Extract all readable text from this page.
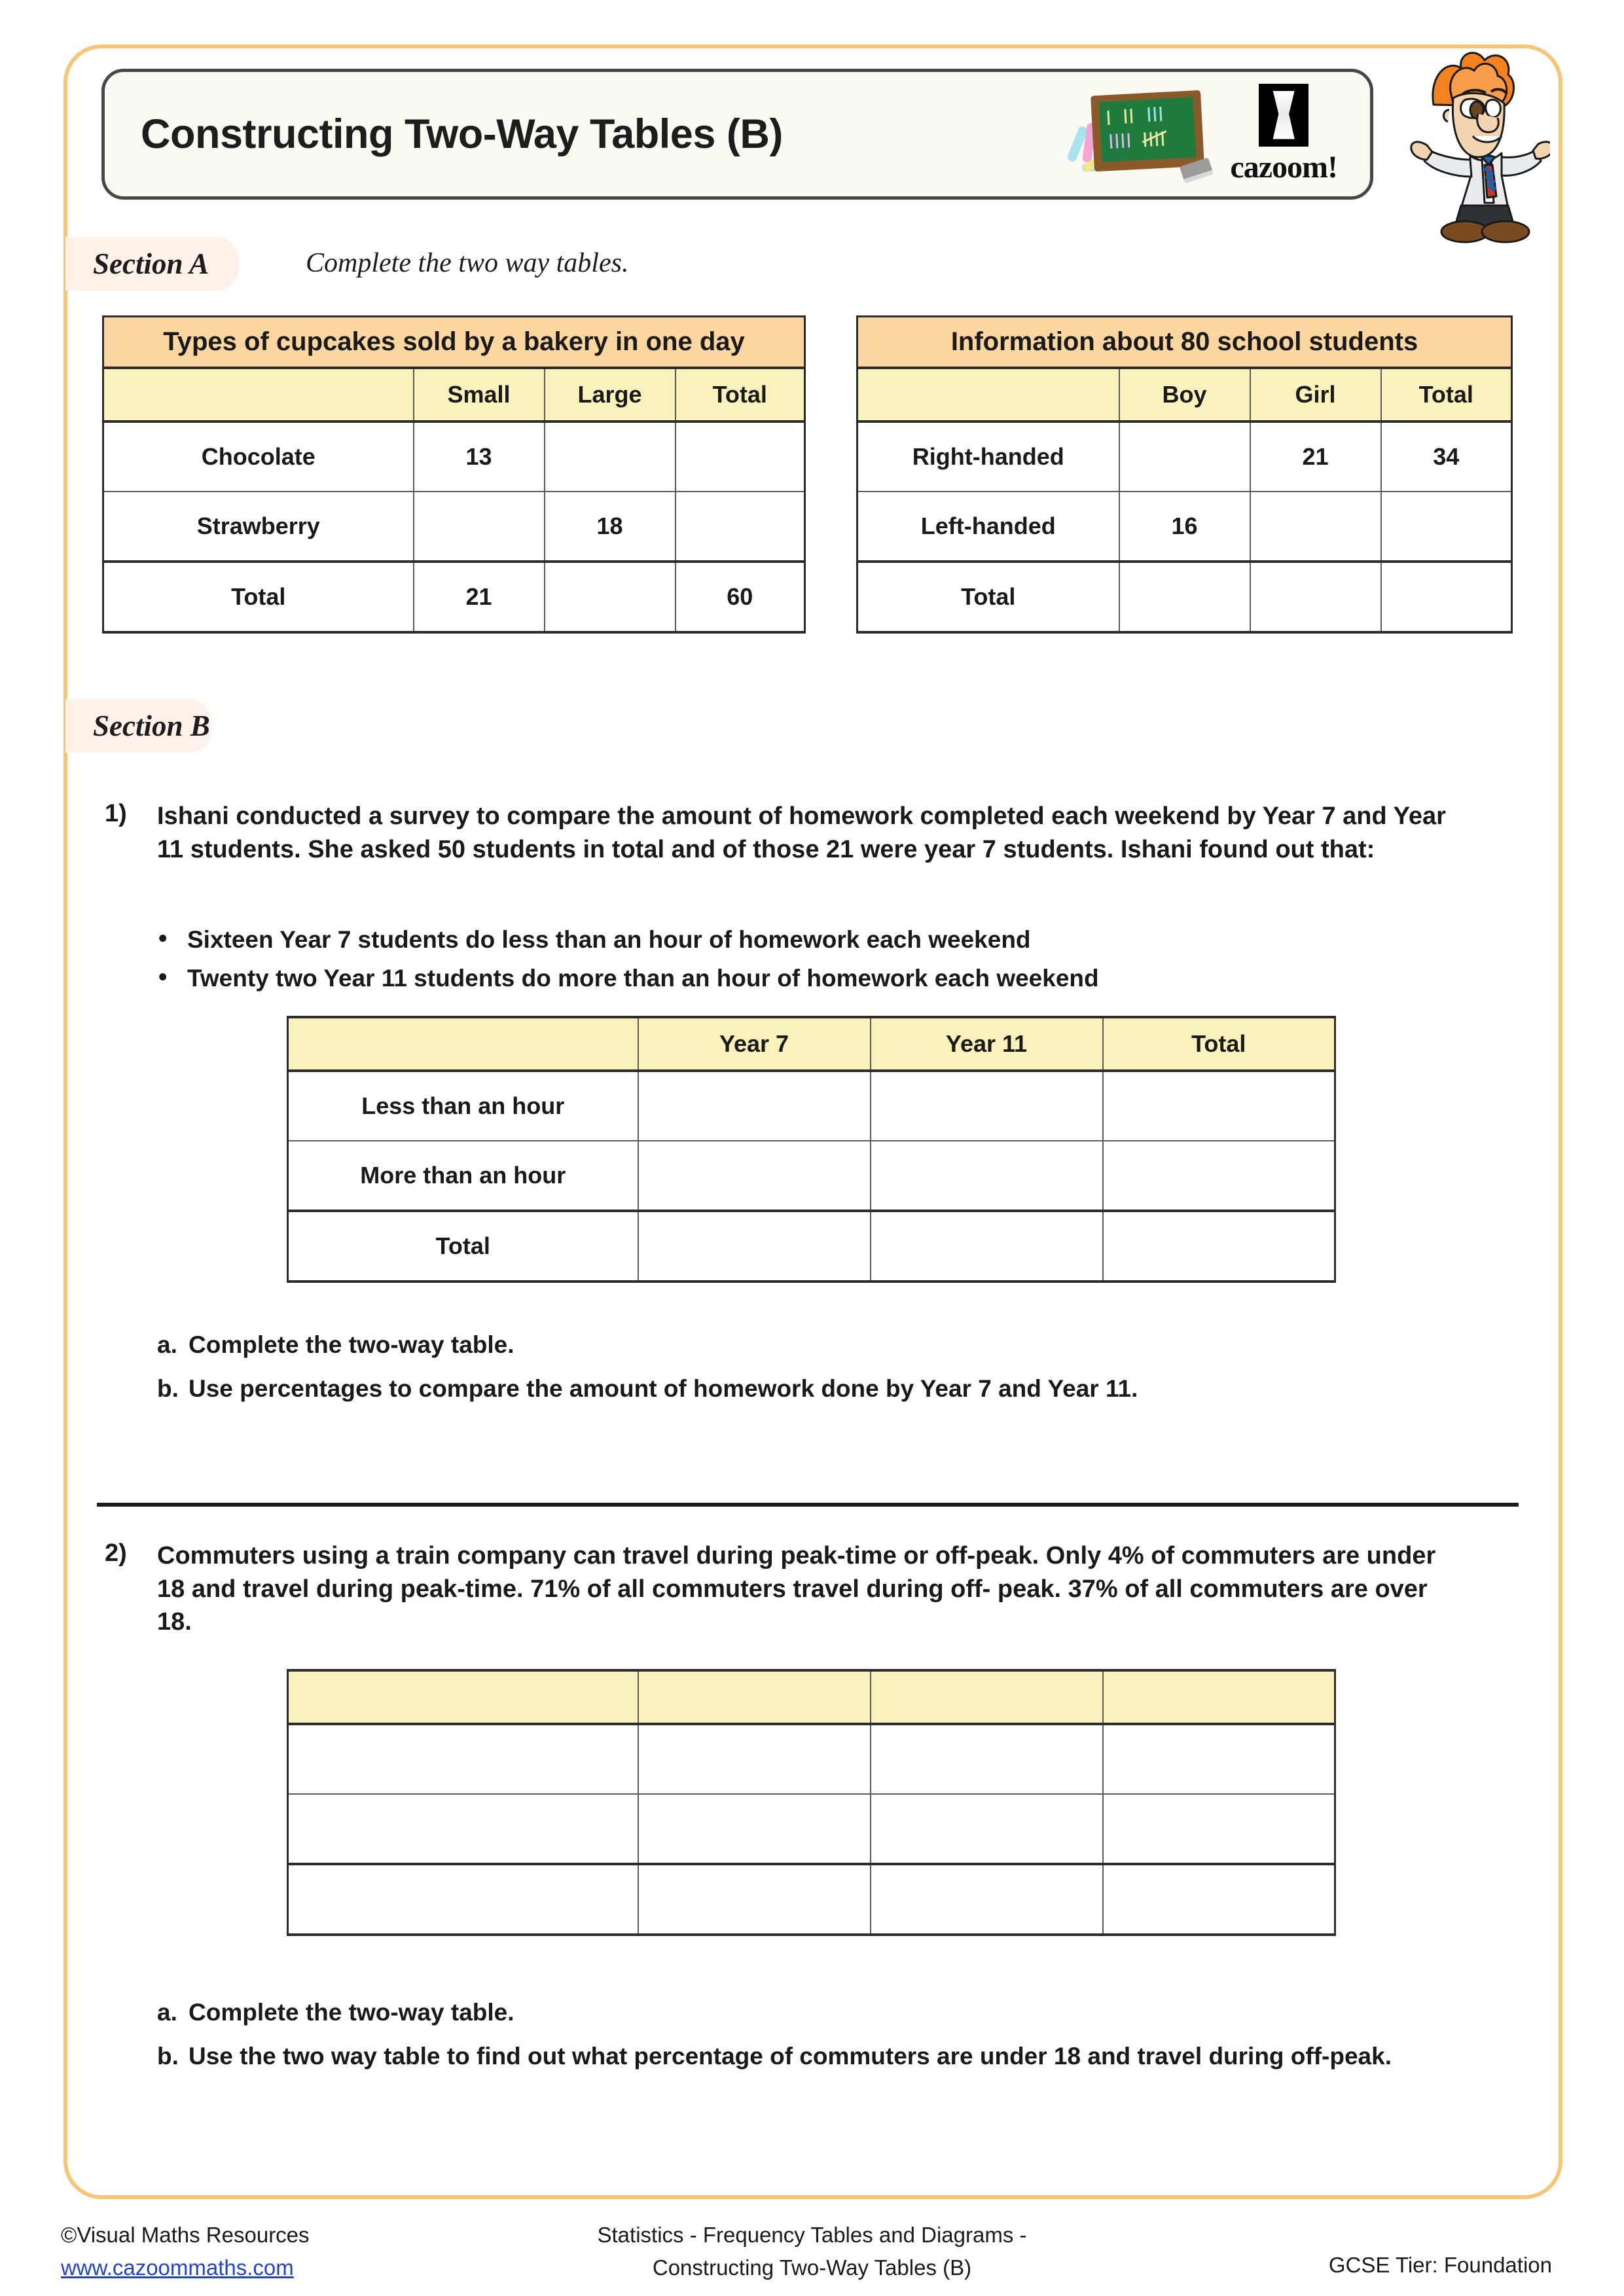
Constructing Two-Way Tables (B)
cazoom!
Section A	Complete the two way tables.
Types of cupcakes sold by a bakery in one day			
	Small	Large	Total
Chocolate	13		
Strawberry		18	
Total	21		60
Information about 80 school students			
	Boy	Girl	Total
Right-handed		21	34
Left-handed	16		
Total			
Section B
1) Ishani conducted a survey to compare the amount of homework completed each weekend by Year 7 and Year 11 students. She asked 50 students in total and of those 21 were year 7 students. Ishani found out that:
• Sixteen Year 7 students do less than an hour of homework each weekend
• Twenty two Year 11 students do more than an hour of homework each weekend
	Year 7	Year 11	Total
Less than an hour			
More than an hour			
Total			
a. Complete the two-way table.
b. Use percentages to compare the amount of homework done by Year 7 and Year 11.
2) Commuters using a train company can travel during peak-time or off-peak. Only 4% of commuters are under 18 and travel during peak-time. 71% of all commuters travel during off- peak. 37% of all commuters are over 18.

a. Complete the two-way table.
b. Use the two way table to find out what percentage of commuters are under 18 and travel during off-peak.
©Visual Maths Resources
www.cazoommaths.com
Statistics - Frequency Tables and Diagrams -
Constructing Two-Way Tables (B)	GCSE Tier: Foundation
